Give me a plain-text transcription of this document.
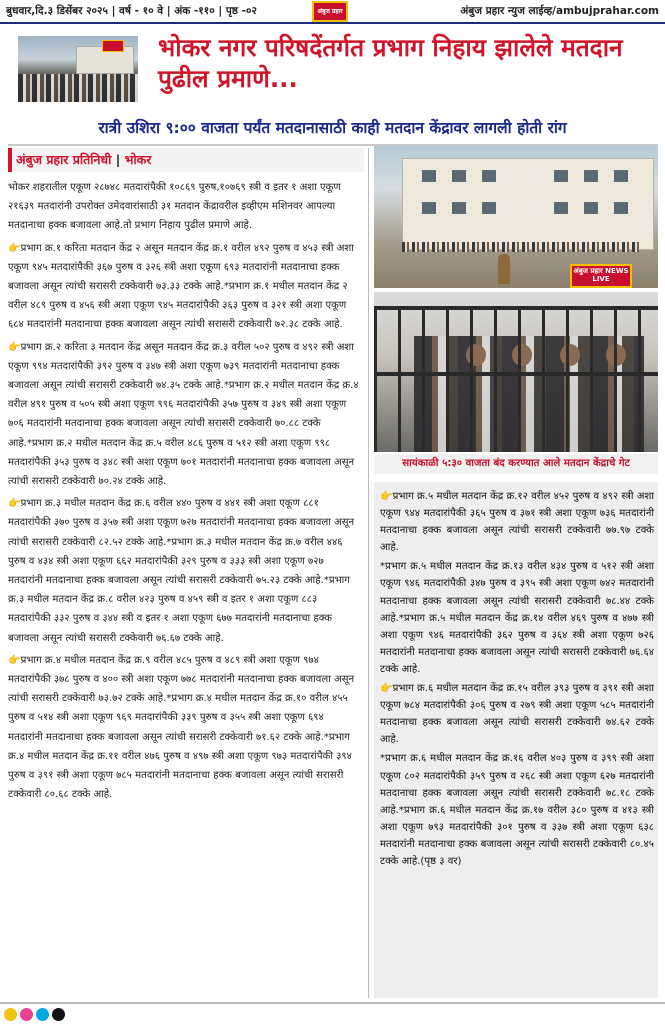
बुधवार,दि.३ डिसेंबर २०२५ | वर्ष - १० वे | अंक -११० | पृष्ठ -०२	अंबुज प्रहार	अंबुज प्रहार न्युज लाईव्ह/ambujprahar.com
भोकर नगर परिषदेंतर्गत प्रभाग निहाय झालेले मतदान पुढील प्रमाणे...
रात्री उशिरा ९:०० वाजता पर्यंत मतदानासाठी काही मतदान केंद्रावर लागली होती रांग
अंबुज प्रहार प्रतिनिधी | भोकर

भोकर शहरातील एकूण २८७४८ मतदारांपैकी १०८६९ पुरुष,१०७६९ स्त्री व इतर १ अशा एकूण २१६३९ मतदारांनी उपरोक्त उमेदवारांसाठी ३१ मतदान केंद्रावरील इव्हीएम मशिनवर आपल्या मतदानाचा हक्क बजावला आहे.तो प्रभाग निहाय पुढील प्रमाणे आहे.

👉प्रभाग क्र.१ करिता मतदान केंद्र २ असून मतदान केंद्र क्र.१ वरील ४९२ पुरुष व ४५३ स्त्री अशा एकूण ९४५ मतदारांपैकी ३६७ पुरुष व ३२६ स्त्री अशा एकूण ६९३ मतदारांनी मतदानाचा हक्क बजावला असून त्यांची सरासरी टक्केवारी ७३.३३ टक्के आहे.*प्रभाग क्र.१ मधील मतदान केंद्र २ वरील ४८९ पुरुष व ४५६ स्त्री अशा एकूण ९४५ मतदारांपैकी ३६३ पुरुष व ३२१ स्त्री अशा एकूण ६८४ मतदारांनी मतदानाचा हक्क बजावला असून त्यांची सरासरी टक्केवारी ७२.३८ टक्के आहे.

👉प्रभाग क्र.२ करिता ३ मतदान केंद्र असून मतदान केंद्र क्र.३ वरील ५०२ पुरुष व ४९२ स्त्री अशा एकूण ९९४ मतदारांपैकी ३९२ पुरुष व ३४७ स्त्री अशा एकूण ७३९ मतदारांनी मतदानाचा हक्क बजावला असून त्यांची सरासरी टक्केवारी ७४.३५ टक्के आहे.*प्रभाग क्र.२ मधील मतदान केंद्र क्र.४ वरील ४९१ पुरुष व ५०५ स्त्री अशा एकूण ९९६ मतदारांपैकी ३५७ पुरुष व ३४९ स्त्री अशा एकूण ७०६ मतदारांनी मतदानाचा हक्क बजावला असून त्यांची सरासरी टक्केवारी ७०.८८ टक्के आहे.*प्रभाग क्र.२ मधील मतदान केंद्र क्र.५ वरील ४८६ पुरुष व ५१२ स्त्री अशा एकूण ९९८ मतदारांपैकी ३५३ पुरुष व ३४८ स्त्री अशा एकूण ७०१ मतदारांनी मतदानाचा हक्क बजावला असून त्यांची सरासरी टक्केवारी ७०.२४ टक्के आहे.

👉प्रभाग क्र.३ मधील मतदान केंद्र क्र.६ वरील ४४० पुरुष व ४४१ स्त्री अशा एकूण ८८१ मतदारांपैकी ३७० पुरुष व ३५७ स्त्री अशा एकूण ७२७ मतदारांनी मतदानाचा हक्क बजावला असून त्यांची सरासरी टक्केवारी ८२.५२ टक्के आहे.*प्रभाग क्र.३ मधील मतदान केंद्र क्र.७ वरील ४४६ पुरुष व ४३४ स्त्री अशा एकूण ६६२ मतदारांपैकी ३२९ पुरुष व ३३३ स्त्री अशा एकूण ७२७ मतदारांनी मतदानाचा हक्क बजावला असून त्यांची सरासरी टक्केवारी ७५.२३ टक्के आहे.*प्रभाग क्र.३ मधील मतदान केंद्र क्र.८ वरील ४२३ पुरुष व ४५९ स्त्री व इतर १ अशा एकूण ८८३ मतदारांपैकी ३३२ पुरुष व ३४४ स्त्री व इतर १ अशा एकूण ६७७ मतदारांनी मतदानाचा हक्क बजावला असून त्यांची सरासरी टक्केवारी ७६.६७ टक्के आहे.

👉प्रभाग क्र.४ मधील मतदान केंद्र क्र.९ वरील ४८५ पुरुष व ४८९ स्त्री अशा एकूण ९७४ मतदारांपैकी ३७८ पुरुष व ४०० स्त्री अशा एकूण ७७८ मतदारांनी मतदानाचा हक्क बजावला असून त्यांची सरासरी टक्केवारी ७३.७२ टक्के आहे.*प्रभाग क्र.४ मधील मतदान केंद्र क्र.१० वरील ४५५ पुरुष व ५१४ स्त्री अशा एकूण ९६९ मतदारांपैकी ३३९ पुरुष व ३५५ स्त्री अशा एकूण ६९४ मतदारांनी मतदानाचा हक्क बजावला असून त्यांची सरासरी टक्केवारी ७१.६२ टक्के आहे.*प्रभाग क्र.४ मधील मतदान केंद्र क्र.११ वरील ४७६ पुरुष व ४९७ स्त्री अशा एकूण ९७३ मतदारांपैकी ३९४ पुरुष व ३९१ स्त्री अशा एकूण ७८५ मतदारांनी मतदानाचा हक्क बजावला असून त्यांची सरासरी टक्केवारी ८०.६८ टक्के आहे.

अंबुज प्रहार NEWS LIVE
सायंकाळी ५:३० वाजता बंद करण्यात आले मतदान केंद्राचे गेट

👉प्रभाग क्र.५ मधील मतदान केंद्र क्र.१२ वरील ४५२ पुरुष व ४९२ स्त्री अशा एकूण ९४४ मतदारांपैकी ३६५ पुरुष व ३७१ स्त्री अशा एकूण ७३६ मतदारांनी मतदानाचा हक्क बजावला असून त्यांची सरासरी टक्केवारी ७७.९७ टक्के आहे.

*प्रभाग क्र.५ मधील मतदान केंद्र क्र.१३ वरील ४३४ पुरुष व ५१२ स्त्री अशा एकूण ९४६ मतदारांपैकी ३४७ पुरुष व ३९५ स्त्री अशा एकूण ७४२ मतदारांनी मतदानाचा हक्क बजावला असून त्यांची सरासरी टक्केवारी ७८.४४ टक्के आहे.*प्रभाग क्र.५ मधील मतदान केंद्र क्र.१४ वरील ४६९ पुरुष व ४७७ स्त्री अशा एकूण ९४६ मतदारांपैकी ३६२ पुरुष व ३६४ स्त्री अशा एकूण ७२६ मतदारांनी मतदानाचा हक्क बजावला असून त्यांची सरासरी टक्केवारी ७६.६४ टक्के आहे.

👉प्रभाग क्र.६ मधील मतदान केंद्र क्र.१५ वरील ३९३ पुरुष व ३९१ स्त्री अशा एकूण ७८४ मतदारांपैकी ३०६ पुरुष व २७९ स्त्री अशा एकूण ५८५ मतदारांनी मतदानाचा हक्क बजावला असून त्यांची सरासरी टक्केवारी ७४.६२ टक्के आहे.

*प्रभाग क्र.६ मधील मतदान केंद्र क्र.१६ वरील ४०३ पुरुष व ३९९ स्त्री अशा एकूण ८०२ मतदारांपैकी ३५९ पुरुष व २६८ स्त्री अशा एकूण ६२७ मतदारांनी मतदानाचा हक्क बजावला असून त्यांची सरासरी टक्केवारी ७८.१८ टक्के आहे.*प्रभाग क्र.६ मधील मतदान केंद्र क्र.१७ वरील ३८० पुरुष व ४१३ स्त्री अशा एकूण ७९३ मतदारांपैकी ३०१ पुरुष व ३३७ स्त्री अशा एकूण ६३८ मतदारांनी मतदानाचा हक्क बजावला असून त्यांची सरासरी टक्केवारी ८०.४५ टक्के आहे.(पृष्ठ ३ वर)
